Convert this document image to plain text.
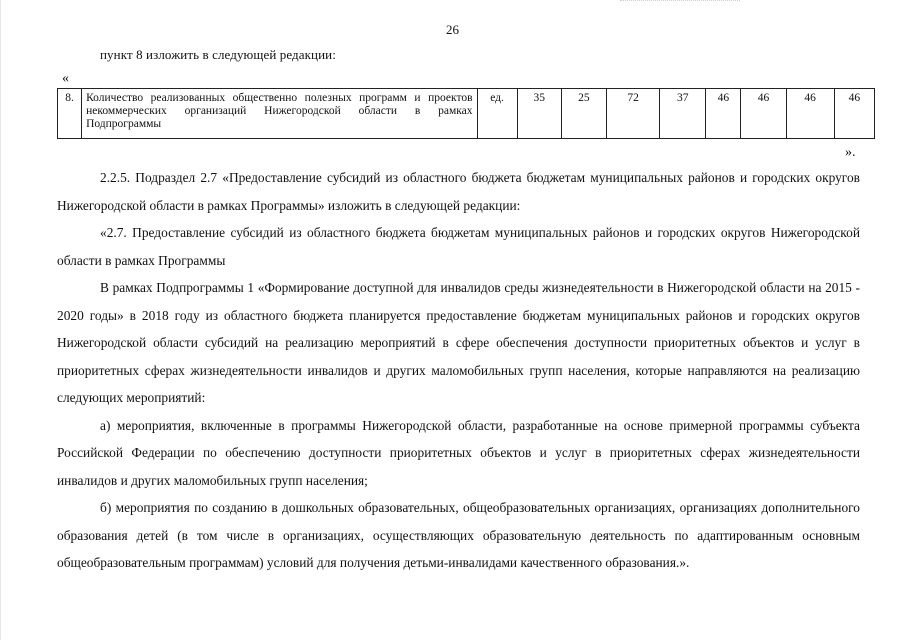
26
пункт 8 изложить в следующей редакции:
«
8.	Количество реализованных общественно полезных программ и проектов некоммерческих организаций Нижегородской области в рамках Подпрограммы	ед.	35	25	72	37	46	46	46	46
».

2.2.5. Подраздел 2.7 «Предоставление субсидий из областного бюджета бюджетам муниципальных районов и городских округов Нижегородской области в рамках Программы» изложить в следующей редакции:

«2.7. Предоставление субсидий из областного бюджета бюджетам муниципальных районов и городских округов Нижегородской области в рамках Программы

В рамках Подпрограммы 1 «Формирование доступной для инвалидов среды жизнедеятельности в Нижегородской области на 2015 - 2020 годы» в 2018 году из областного бюджета планируется предоставление бюджетам муниципальных районов и городских округов Нижегородской области субсидий на реализацию мероприятий в сфере обеспечения доступности приоритетных объектов и услуг в приоритетных сферах жизнедеятельности инвалидов и других маломобильных групп населения, которые направляются на реализацию следующих мероприятий:

а) мероприятия, включенные в программы Нижегородской области, разработанные на основе примерной программы субъекта Российской Федерации по обеспечению доступности приоритетных объектов и услуг в приоритетных сферах жизнедеятельности инвалидов и других маломобильных групп населения;

б) мероприятия по созданию в дошкольных образовательных, общеобразовательных организациях, организациях дополнительного образования детей (в том числе в организациях, осуществляющих образовательную деятельность по адаптированным основным общеобразовательным программам) условий для получения детьми-инвалидами качественного образования.».
